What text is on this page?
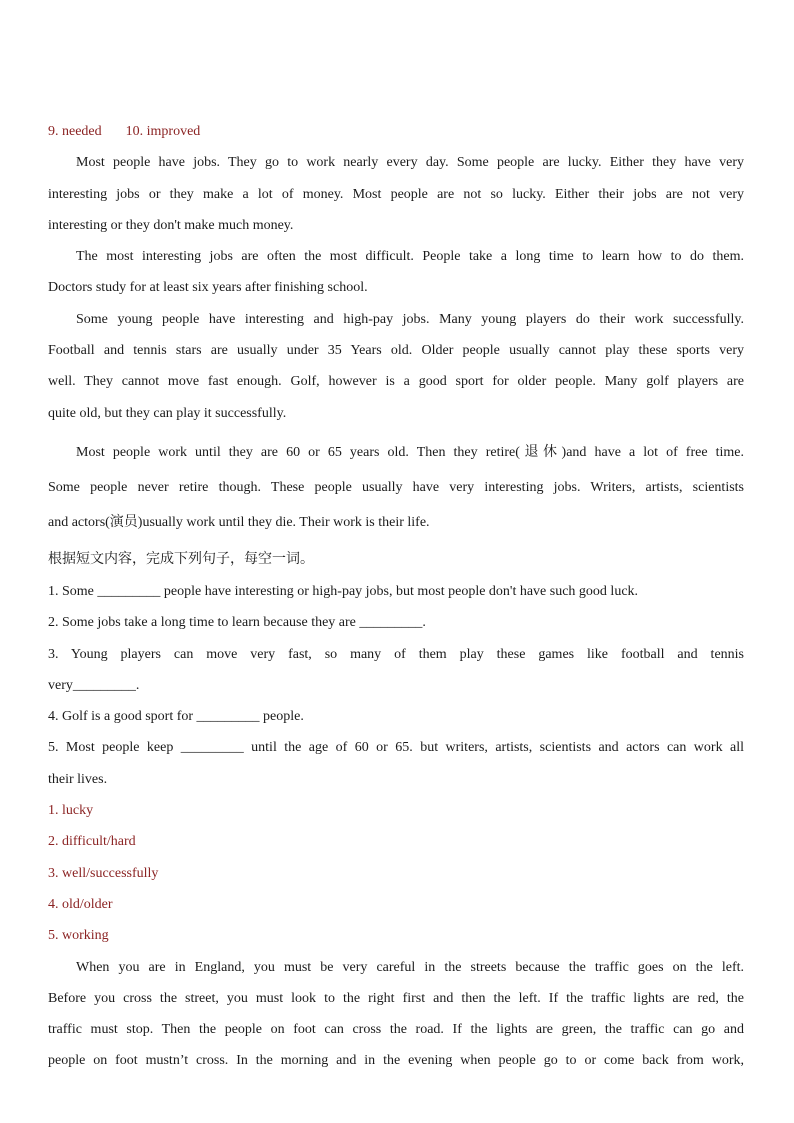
9. needed 10. improved

Most people have jobs. They go to work nearly every day. Some people are lucky. Either they have very

interesting jobs or they make a lot of money. Most people are not so lucky. Either their jobs are not very

interesting or they don't make much money.

The most interesting jobs are often the most difficult. People take a long time to learn how to do them.

Doctors study for at least six years after finishing school.

Some young people have interesting and high-pay jobs. Many young players do their work successfully.

Football and tennis stars are usually under 35 Years old. Older people usually cannot play these sports very

well. They cannot move fast enough. Golf, however is a good sport for older people. Many golf players are

quite old, but they can play it successfully.

Most people work until they are 60 or 65 years old. Then they retire(退休)and have a lot of free time.

Some people never retire though. These people usually have very interesting jobs. Writers, artists, scientists

and actors(演员)usually work until they die. Their work is their life.

根据短文内容，完成下列句子，每空一词。

1. Some _________ people have interesting or high-pay jobs, but most people don't have such good luck.

2. Some jobs take a long time to learn because they are _________.

3. Young players can move very fast, so many of them play these games like football and tennis

very_________.

4. Golf is a good sport for _________ people.

5. Most people keep _________ until the age of 60 or 65. but writers, artists, scientists and actors can work all

their lives.

1. lucky

2. difficult/hard

3. well/successfully

4. old/older

5. working

When you are in England, you must be very careful in the streets because the traffic goes on the left.

Before you cross the street, you must look to the right first and then the left. If the traffic lights are red, the

traffic must stop. Then the people on foot can cross the road. If the lights are green, the traffic can go and

people on foot mustn’t cross. In the morning and in the evening when people go to or come back from work,
